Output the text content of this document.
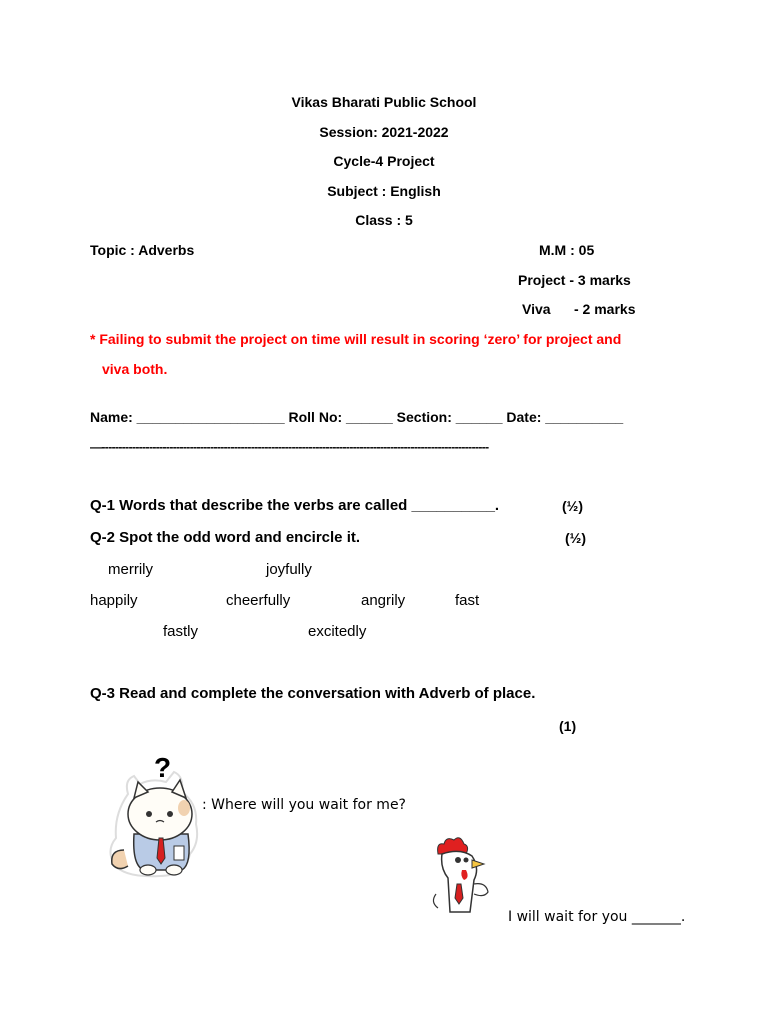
Vikas Bharati Public School
Session: 2021-2022
Cycle-4 Project
Subject : English
Class : 5
Topic : Adverbs	M.M : 05
Project - 3 marks
Viva - 2 marks
* Failing to submit the project on time will result in scoring ‘zero’ for project and
viva both.
Name: ___________________ Roll No: ______ Section: ______ Date: __________
—------------------------------------------------------------------------------------------------------------------
Q-1 Words that describe the verbs are called __________.	(½)
Q-2 Spot the odd word and encircle it.	(½)
merrily	joyfully
happily	cheerfully	angrily	fast
fastly	excitedly
Q-3 Read and complete the conversation with Adverb of place.
(1)
?
: Where will you wait for me?
I will wait for you _______.
